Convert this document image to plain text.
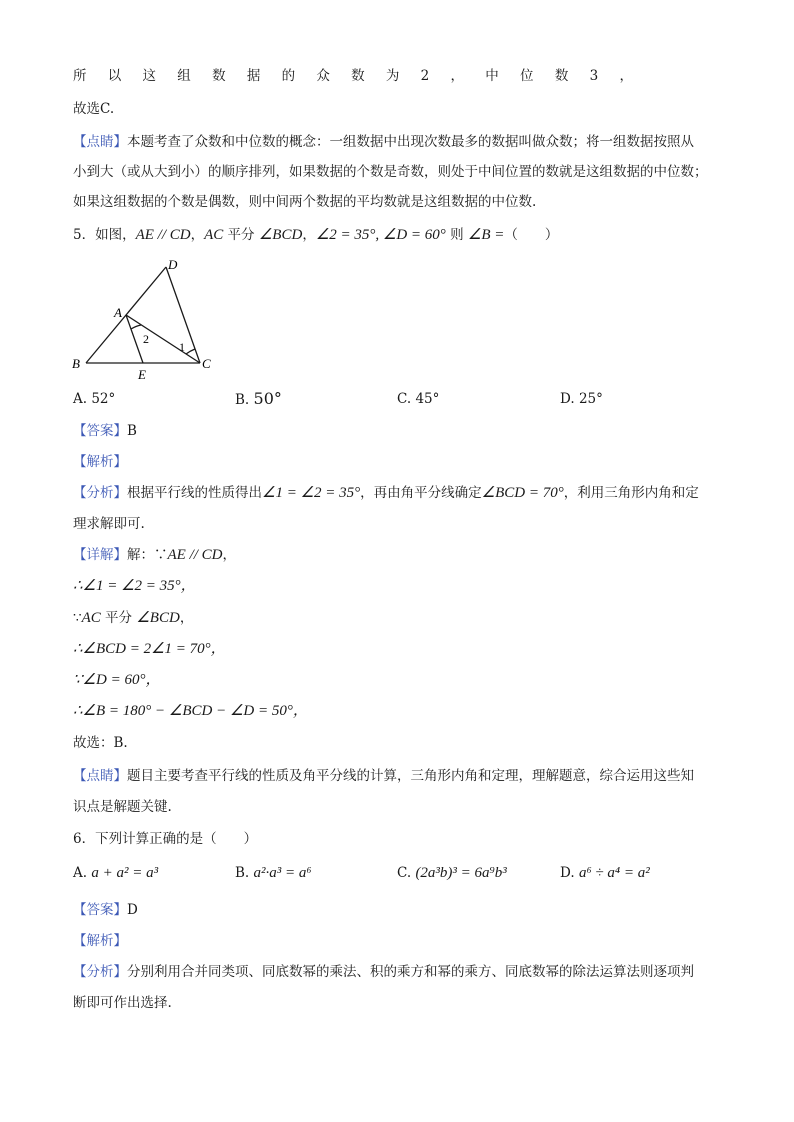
所 以 这 组 数 据 的 众 数 为 2 ， 中 位 数 3 ，
故选C.
【点睛】本题考查了众数和中位数的概念：一组数据中出现次数最多的数据叫做众数；将一组数据按照从
小到大（或从大到小）的顺序排列，如果数据的个数是奇数，则处于中间位置的数就是这组数据的中位数；
如果这组数据的个数是偶数，则中间两个数据的平均数就是这组数据的中位数.
5．如图，AE // CD，AC 平分 ∠BCD，∠2 = 35°, ∠D = 60° 则 ∠B =（　　）
D
A
B
E
C
2
1
A. 52°	B. 50°	C. 45°	D. 25°
【答案】B
【解析】
【分析】根据平行线的性质得出∠1 = ∠2 = 35°，再由角平分线确定∠BCD = 70°，利用三角形内角和定
理求解即可.
【详解】解：∵AE // CD，
∴∠1 = ∠2 = 35°，
∵AC 平分 ∠BCD，
∴∠BCD = 2∠1 = 70°，
∵∠D = 60°，
∴∠B = 180° − ∠BCD − ∠D = 50°，
故选：B.
【点睛】题目主要考查平行线的性质及角平分线的计算，三角形内角和定理，理解题意，综合运用这些知
识点是解题关键.
6．下列计算正确的是（　　）
A. a + a² = a³	B. a²·a³ = a⁶	C. (2a³b)³ = 6a⁹b³	D. a⁶ ÷ a⁴ = a²
【答案】D
【解析】
【分析】分别利用合并同类项、同底数幂的乘法、积的乘方和幂的乘方、同底数幂的除法运算法则逐项判
断即可作出选择.
